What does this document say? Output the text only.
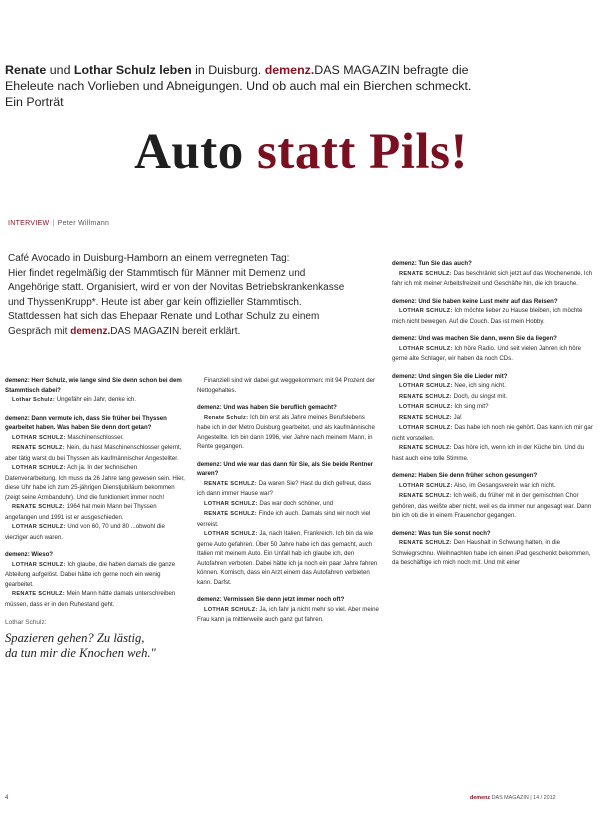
Renate und Lothar Schulz leben in Duisburg. demenz.DAS MAGAZIN befragte die
Eheleute nach Vorlieben und Abneigungen. Und ob auch mal ein Bierchen schmeckt.
Ein Porträt
Auto statt Pils!
INTERVIEW | Peter Willmann
Café Avocado in Duisburg-Hamborn an einem verregneten Tag:
Hier findet regelmäßig der Stammtisch für Männer mit Demenz und
Angehörige statt. Organisiert, wird er von der Novitas Betriebskrankenkasse
und ThyssenKrupp*. Heute ist aber gar kein offizieller Stammtisch.
Stattdessen hat sich das Ehepaar Renate und Lothar Schulz zu einem
Gespräch mit demenz.DAS MAGAZIN bereit erklärt.

demenz: Herr Schulz, wie lange sind Sie denn schon bei dem Stammtisch dabei?

Lothar Schulz: Ungefähr ein Jahr, denke ich.

demenz: Dann vermute ich, dass Sie früher bei Thyssen gearbeitet haben. Was haben Sie denn dort getan?

LOTHAR SCHULZ: Maschinenschlosser.

RENATE SCHULZ: Nein, du hast Maschinenschlosser gelernt, aber tätig warst du bei Thyssen als kaufmännischer Angestellter.

LOTHAR SCHULZ: Ach ja. In der technischen Datenverarbeitung. Ich muss da 26 Jahre lang gewesen sein. Hier, diese Uhr habe ich zum 25-jährigen Dienstjubiläum bekommen (zeigt seine Armbanduhr). Und die funktioniert immer noch!

RENATE SCHULZ: 1964 hat mein Mann bei Thyssen angefangen und 1991 ist er ausgeschieden.

LOTHAR SCHULZ: Und von 60, 70 und 80 ...obwohl die vierziger auch waren.

demenz: Wieso?

LOTHAR SCHULZ: Ich glaube, die haben damals die ganze Abteilung aufgelöst. Dabei hätte ich gerne noch ein wenig gearbeitet.

RENATE SCHULZ: Mein Mann hätte damals unterschreiben müssen, dass er in den Ruhestand geht.

Lothar Schulz:
Spazieren gehen? Zu lästig,
da tun mir die Knochen weh."

Finanziell sind wir dabei gut weggekommen: mit 94 Prozent der Nettogehaltes.

demenz: Und was haben Sie beruflich gemacht?

Renate Schulz: Ich bin erst als Jahre meines Berufslebens habe ich in der Metro Duisburg gearbeitet, und als kaufmännische Angestellte. Ich bin dann 1996, vier Jahre nach meinem Mann, in Rente gegangen.

demenz: Und wie war das dann für Sie, als Sie beide Rentner waren?

RENATE SCHULZ: Da waren Sie? Hast du dich gefreut, dass ich dann immer Hause war?

LOTHAR SCHULZ: Das war doch schöner, und

RENATE SCHULZ: Finde ich auch. Damals sind wir noch viel verreist.

LOTHAR SCHULZ: Ja, nach Italien, Frankreich. Ich bin da wie gerne Auto gefahren. Über 50 Jahre habe ich das gemacht, auch Italien mit meinem Auto. Ein Unfall hab ich glaube ich, den Autofahren verboten. Dabei hätte ich ja noch ein paar Jahre fahren können. Komisch, dass ein Arzt einem das Autofahren verbieten kann. Darfst.

demenz: Vermissen Sie denn jetzt immer noch oft?

LOTHAR SCHULZ: Ja, ich fahr ja nicht mehr so viel. Aber meine Frau kann ja mittlerweile auch ganz gut fahren.

demenz: Tun Sie das auch?

RENATE SCHULZ: Das beschränkt sich jetzt auf das Wochenende. Ich fahr ich mit meiner Arbeitsfreizeit und Geschäfte hin, die ich brauche.

demenz: Und Sie haben keine Lust mehr auf das Reisen?

LOTHAR SCHULZ: Ich möchte lieber zu Hause bleiben, ich möchte mich nicht bewegen. Auf die Couch. Das ist mein Hobby.

demenz: Und was machen Sie dann, wenn Sie da liegen?

LOTHAR SCHULZ: Ich höre Radio. Und seit vielen Jahren ich höre gerne alte Schlager, wir haben da noch CDs.

demenz: Und singen Sie die Lieder mit?

LOTHAR SCHULZ: Nee, ich sing nicht.

RENATE SCHULZ: Doch, du singst mit.

LOTHAR SCHULZ: Ich sing mit?

RENATE SCHULZ: Ja!

LOTHAR SCHULZ: Das habe ich noch nie gehört. Das kann ich mir gar nicht vorstellen.

RENATE SCHULZ: Das höre ich, wenn ich in der Küche bin. Und du hast auch eine tolle Stimme.

demenz: Haben Sie denn früher schon gesungen?

LOTHAR SCHULZ: Also, im Gesangsverein war ich nicht.

RENATE SCHULZ: Ich weiß, du früher mit in der gemischten Chor gehören, das weißte aber nicht, weil es da immer nur angesagt war. Dann bin ich ob die in einem Frauenchor gegangen.

demenz: Was tun Sie sonst noch?

RENATE SCHULZ: Den Haushalt in Schwung halten, in die Schwiegrschnu. Weihnachten habe ich einen iPad geschenkt bekommen, da beschäftige ich mich noch mit. Und mit einer

4	demenz DAS MAGAZIN | 14 / 2012
